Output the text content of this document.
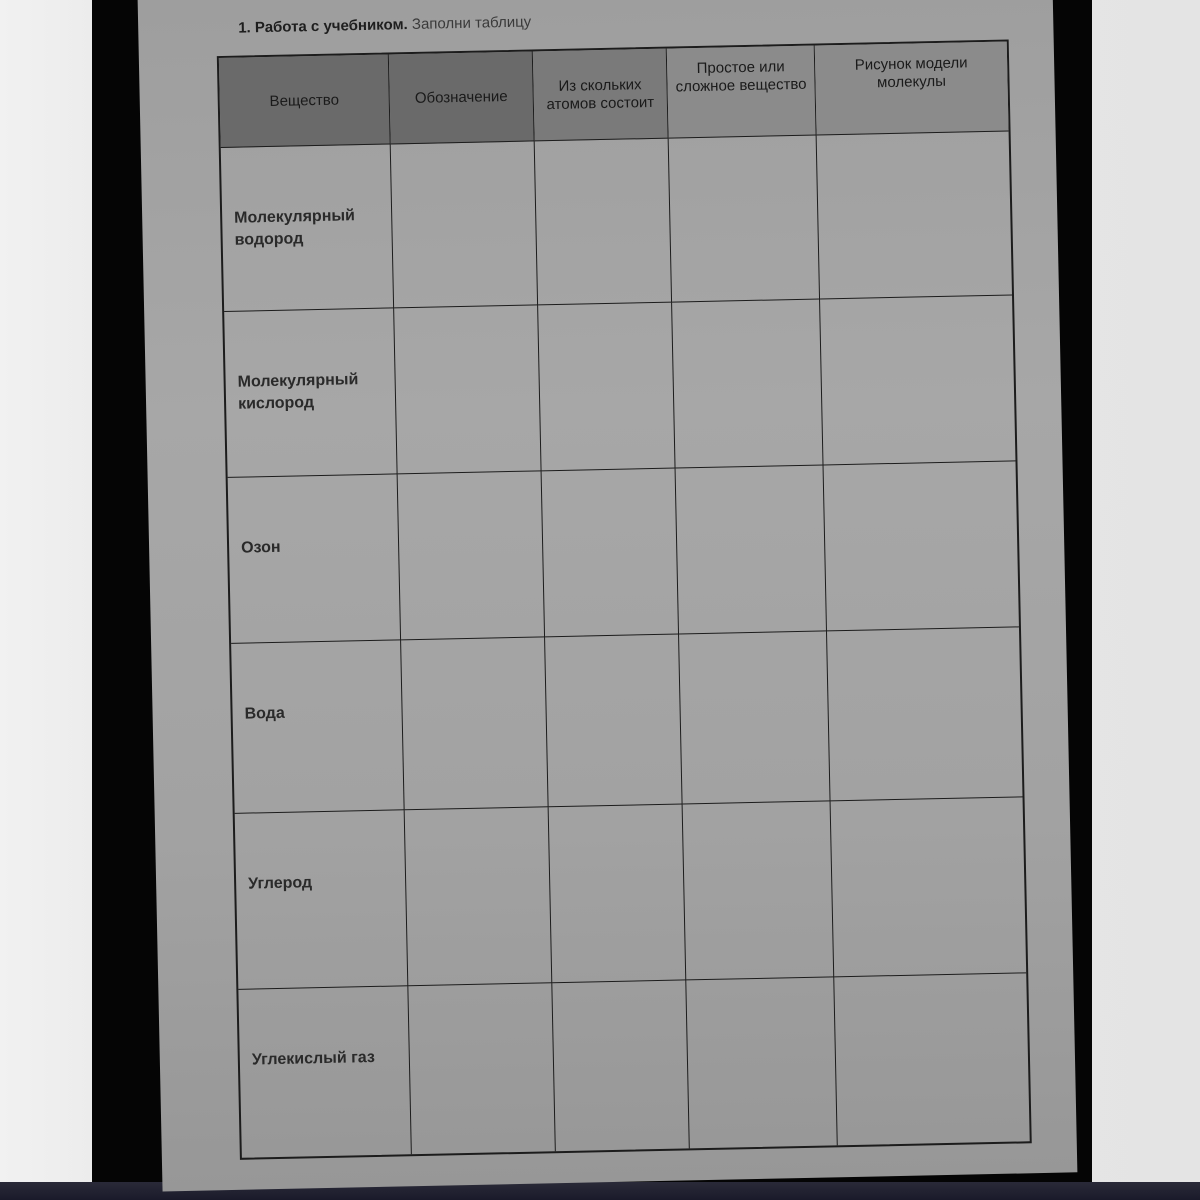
1. Работа с учебником. Заполни таблицу
Вещество	Обозначение
Из скольких атомов состоит
Простое или сложное вещество
Рисунок модели молекулы
Молекулярный водород
Молекулярный кислород
Озон
Вода
Углерод
Углекислый газ
